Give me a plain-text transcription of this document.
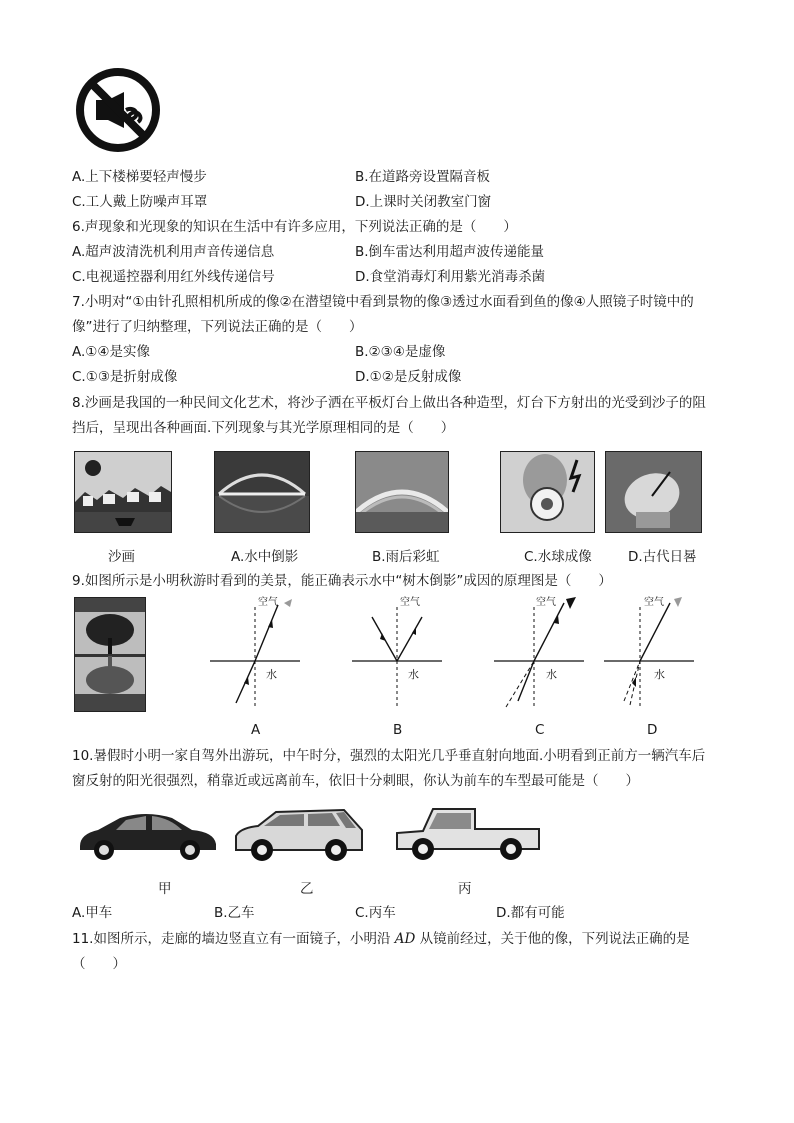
A.上下楼梯要轻声慢步	B.在道路旁设置隔音板
C.工人戴上防噪声耳罩	D.上课时关闭教室门窗
6.声现象和光现象的知识在生活中有许多应用，下列说法正确的是（　　）
A.超声波清洗机利用声音传递信息	B.倒车雷达利用超声波传递能量
C.电视遥控器利用红外线传递信号	D.食堂消毒灯利用紫光消毒杀菌
7.小明对“①由针孔照相机所成的像②在潜望镜中看到景物的像③透过水面看到鱼的像④人照镜子时镜中的
像”进行了归纳整理，下列说法正确的是（　　）
A.①④是实像	B.②③④是虚像
C.①③是折射成像	D.①②是反射成像
8.沙画是我国的一种民间文化艺术，将沙子洒在平板灯台上做出各种造型，灯台下方射出的光受到沙子的阻
挡后，呈现出各种画面.下列现象与其光学原理相同的是（　　）
沙画	A.水中倒影	B.雨后彩虹	C.水球成像	D.古代日晷
9.如图所示是小明秋游时看到的美景，能正确表示水中“树木倒影”成因的原理图是（　　）
空气
水
空气
水
空气
水
空气
水
A	B	C	D
10.暑假时小明一家自驾外出游玩，中午时分，强烈的太阳光几乎垂直射向地面.小明看到正前方一辆汽车后
窗反射的阳光很强烈，稍靠近或远离前车，依旧十分刺眼，你认为前车的车型最可能是（　　）
甲	乙	丙
A.甲车	B.乙车	C.丙车	D.都有可能
11.如图所示，走廊的墙边竖直立有一面镜子，小明沿 AD 从镜前经过，关于他的像，下列说法正确的是
（　　）
